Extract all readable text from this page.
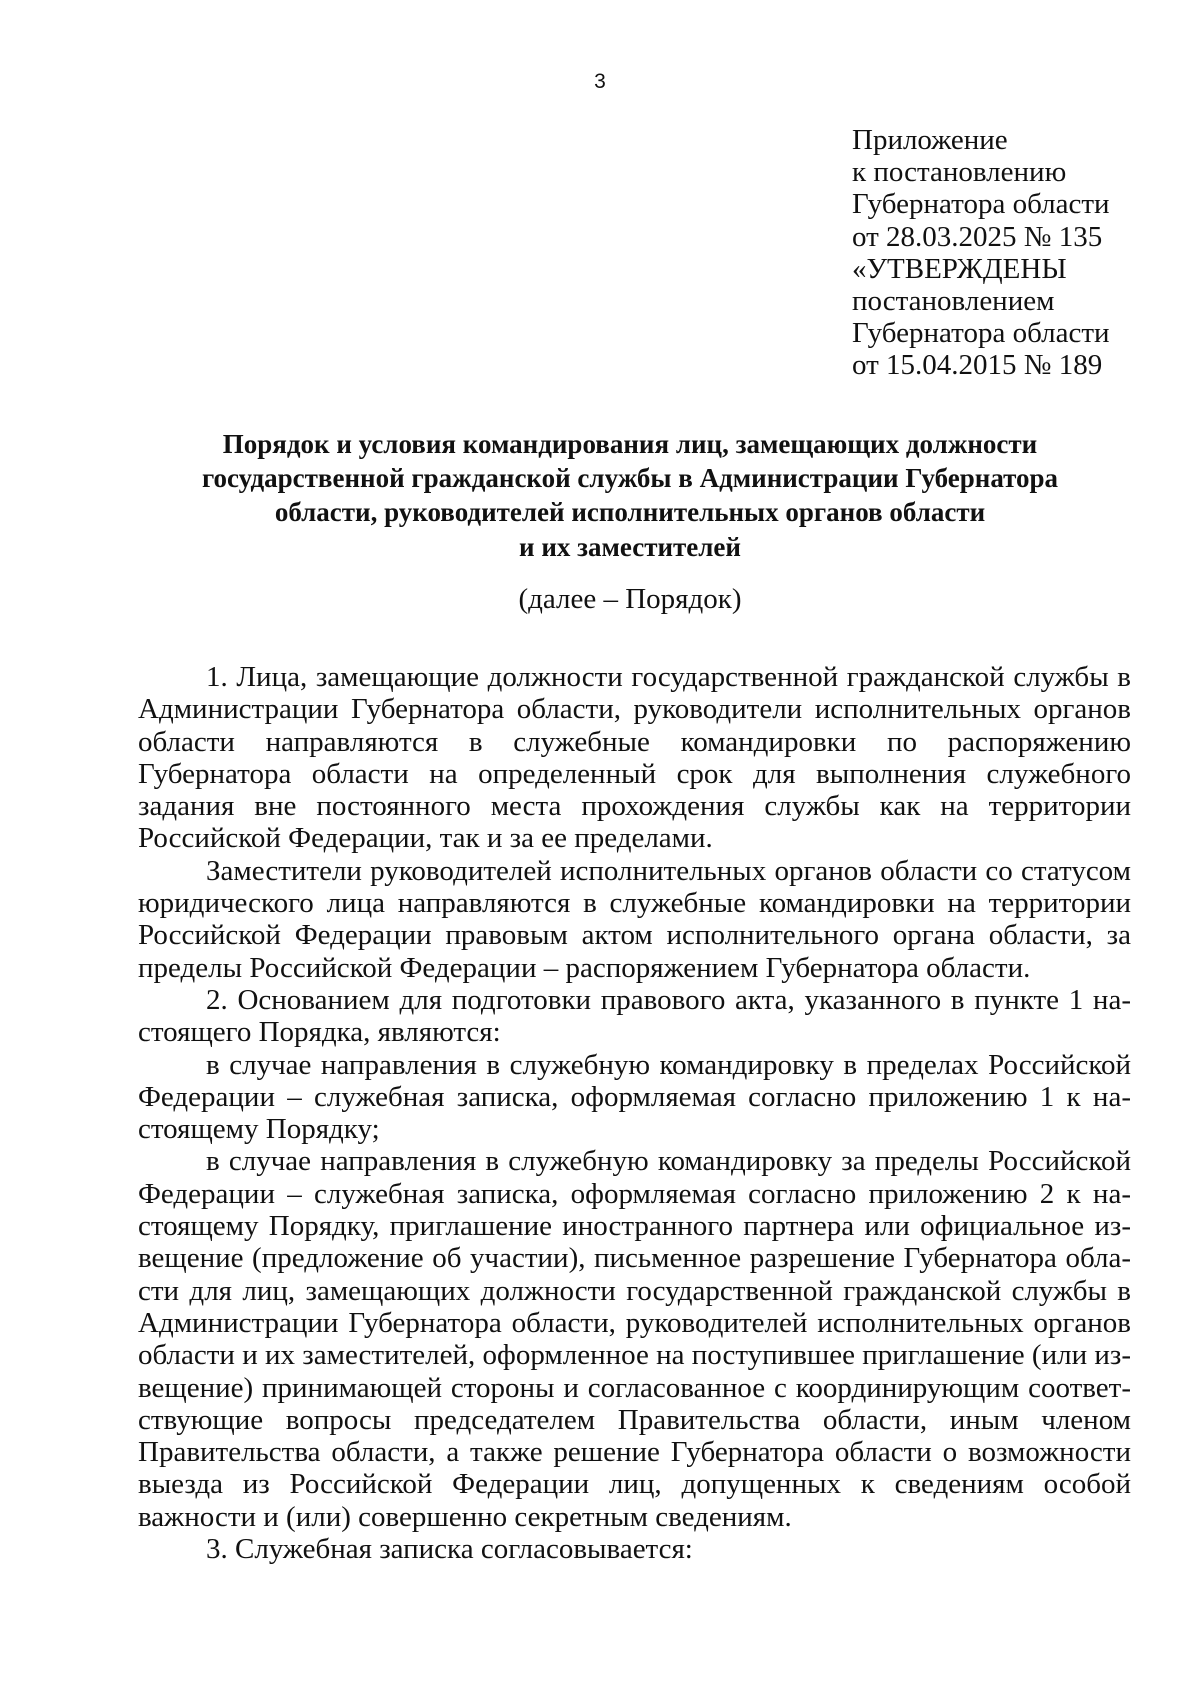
3
Приложение
к постановлению
Губернатора области
от 28.03.2025 № 135
«УТВЕРЖДЕНЫ
постановлением
Губернатора области
от 15.04.2015 № 189
Порядок и условия командирования лиц, замещающих должности
государственной гражданской службы в Администрации Губернатора
области, руководителей исполнительных органов области
и их заместителей
(далее – Порядок)

1. Лица, замещающие должности государственной гражданской службы в Администрации Губернатора области, руководители исполнительных органов области направляются в служебные командировки по распоряжению Губернатора области на определенный срок для выполнения служебного задания вне постоянного места прохождения службы как на территории Российской Федерации, так и за ее пределами.

Заместители руководителей исполнительных органов области со статусом юридического лица направляются в служебные командировки на территории Российской Федерации правовым актом исполнительного органа области, за пределы Российской Федерации – распоряжением Губернатора области.

2. Основанием для подготовки правового акта, указанного в пункте 1 настоящего Порядка, являются:

в случае направления в служебную командировку в пределах Российской Федерации – служебная записка, оформляемая согласно приложению 1 к настоящему Порядку;

в случае направления в служебную командировку за пределы Российской Федерации – служебная записка, оформляемая согласно приложению 2 к настоящему Порядку, приглашение иностранного партнера или официальное извещение (предложение об участии), письменное разрешение Губернатора области для лиц, замещающих должности государственной гражданской службы в Администрации Губернатора области, руководителей исполнительных органов области и их заместителей, оформленное на поступившее приглашение (или извещение) принимающей стороны и согласованное с координирующим соответствующие вопросы председателем Правительства области, иным членом Правительства области, а также решение Губернатора области о возможности выезда из Российской Федерации лиц, допущенных к сведениям особой важности и (или) совершенно секретным сведениям.

3. Служебная записка согласовывается:
